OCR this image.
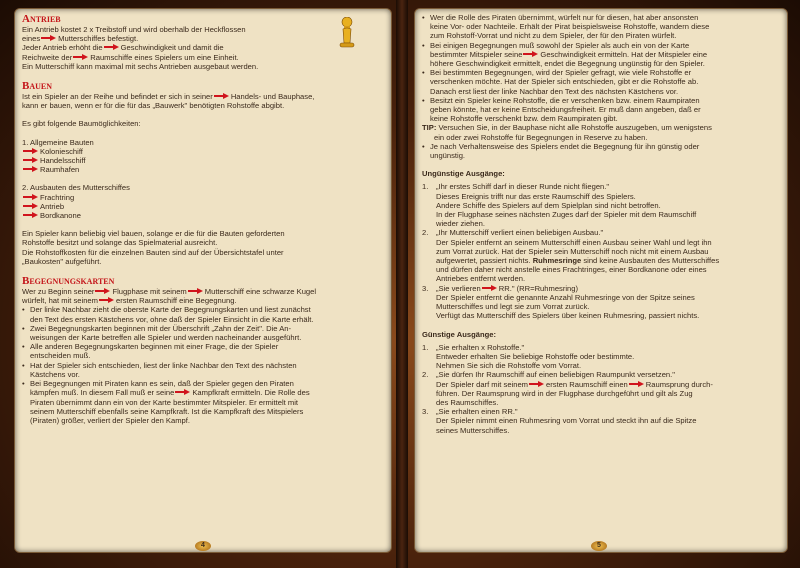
Antrieb

Ein Antrieb kostet 2 x Treibstoff und wird oberhalb der Heckflossen

eines Mutterschiffes befestigt.

Jeder Antrieb erhöht die Geschwindigkeit und damit die

Reichweite der Raumschiffe eines Spielers um eine Einheit.

Ein Mutterschiff kann maximal mit sechs Antrieben ausgebaut werden.

Bauen

Ist ein Spieler an der Reihe und befindet er sich in seiner Handels- und Bauphase,

kann er bauen, wenn er für die für das „Bauwerk" benötigten Rohstoffe abgibt.

Es gibt folgende Baumöglichkeiten:

1. Allgemeine Bauten

Kolonieschiff

Handelsschiff

Raumhafen

2. Ausbauten des Mutterschiffes

Frachtring

Antrieb

Bordkanone

Ein Spieler kann beliebig viel bauen, solange er die für die Bauten geforderten

Rohstoffe besitzt und solange das Spielmaterial ausreicht.

Die Rohstoffkosten für die einzelnen Bauten sind auf der Übersichtstafel unter

„Baukosten" aufgeführt.

Begegnungskarten

Wer zu Beginn seiner Flugphase mit seinem Mutterschiff eine schwarze Kugel

würfelt, hat mit seinem ersten Raumschiff eine Begegnung.

• Der linke Nachbar zieht die oberste Karte der Begegnungskarten und liest zunächst
den Text des ersten Kästchens vor, ohne daß der Spieler Einsicht in die Karte erhält.
• Zwei Begegnungskarten beginnen mit der Überschrift „Zahn der Zeit". Die An-
weisungen der Karte betreffen alle Spieler und werden nacheinander ausgeführt.
• Alle anderen Begegnungskarten beginnen mit einer Frage, die der Spieler
entscheiden muß.
• Hat der Spieler sich entschieden, liest der linke Nachbar den Text des nächsten
Kästchens vor.
• Bei Begegnungen mit Piraten kann es sein, daß der Spieler gegen den Piraten
kämpfen muß. In diesem Fall muß er seine Kampfkraft ermitteln. Die Rolle des
Piraten übernimmt dann ein von der Karte bestimmter Mitspieler. Er ermittelt mit
seinem Mutterschiff ebenfalls seine Kampfkraft. Ist die Kampfkraft des Mitspielers
(Piraten) größer, verliert der Spieler den Kampf.
4
• Wer die Rolle des Piraten übernimmt, würfelt nur für diesen, hat aber ansonsten
keine Vor- oder Nachteile. Erhält der Pirat beispielsweise Rohstoffe, wandern diese
zum Rohstoff-Vorrat und nicht zu dem Spieler, der für den Piraten würfelt.
• Bei einigen Begegnungen muß sowohl der Spieler als auch ein von der Karte
bestimmter Mitspieler seine Geschwindigkeit ermitteln. Hat der Mitspieler eine
höhere Geschwindigkeit ermittelt, endet die Begegnung ungünstig für den Spieler.
• Bei bestimmten Begegnungen, wird der Spieler gefragt, wie viele Rohstoffe er
verschenken möchte. Hat der Spieler sich entschieden, gibt er die Rohstoffe ab.
Danach erst liest der linke Nachbar den Text des nächsten Kästchens vor.
• Besitzt ein Spieler keine Rohstoffe, die er verschenken bzw. einem Raumpiraten
geben könnte, hat er keine Entscheidungsfreiheit. Er muß dann angeben, daß er
keine Rohstoffe verschenkt bzw. dem Raumpiraten gibt.

TIP: Versuchen Sie, in der Bauphase nicht alle Rohstoffe auszugeben, um wenigstens

ein oder zwei Rohstoffe für Begegnungen in Reserve zu haben.

• Je nach Verhaltensweise des Spielers endet die Begegnung für ihn günstig oder
ungünstig.

Ungünstige Ausgänge:

1. „Ihr erstes Schiff darf in dieser Runde nicht fliegen."
Dieses Ereignis trifft nur das erste Raumschiff des Spielers.
Andere Schiffe des Spielers auf dem Spielplan sind nicht betroffen.
In der Flugphase seines nächsten Zuges darf der Spieler mit dem Raumschiff
wieder ziehen.
2. „Ihr Mutterschiff verliert einen beliebigen Ausbau."
Der Spieler entfernt an seinem Mutterschiff einen Ausbau seiner Wahl und legt ihn
zum Vorrat zurück. Hat der Spieler sein Mutterschiff noch nicht mit einem Ausbau
aufgewertet, passiert nichts. Ruhmesringe sind keine Ausbauten des Mutterschiffes
und dürfen daher nicht anstelle eines Frachtringes, einer Bordkanone oder eines
Antriebes entfernt werden.
3. „Sie verlieren RR." (RR=Ruhmesring)
Der Spieler entfernt die genannte Anzahl Ruhmesringe von der Spitze seines
Mutterschiffes und legt sie zum Vorrat zurück.
Verfügt das Mutterschiff des Spielers über keinen Ruhmesring, passiert nichts.

Günstige Ausgänge:

1. „Sie erhalten x Rohstoffe."
Entweder erhalten Sie beliebige Rohstoffe oder bestimmte.
Nehmen Sie sich die Rohstoffe vom Vorrat.
2. „Sie dürfen Ihr Raumschiff auf einen beliebigen Raumpunkt versetzen."
Der Spieler darf mit seinem ersten Raumschiff einen Raumsprung durch-
führen. Der Raumsprung wird in der Flugphase durchgeführt und gilt als Zug
des Raumschiffes.
3. „Sie erhalten einen RR."
Der Spieler nimmt einen Ruhmesring vom Vorrat und steckt ihn auf die Spitze
seines Mutterschiffes.
5
